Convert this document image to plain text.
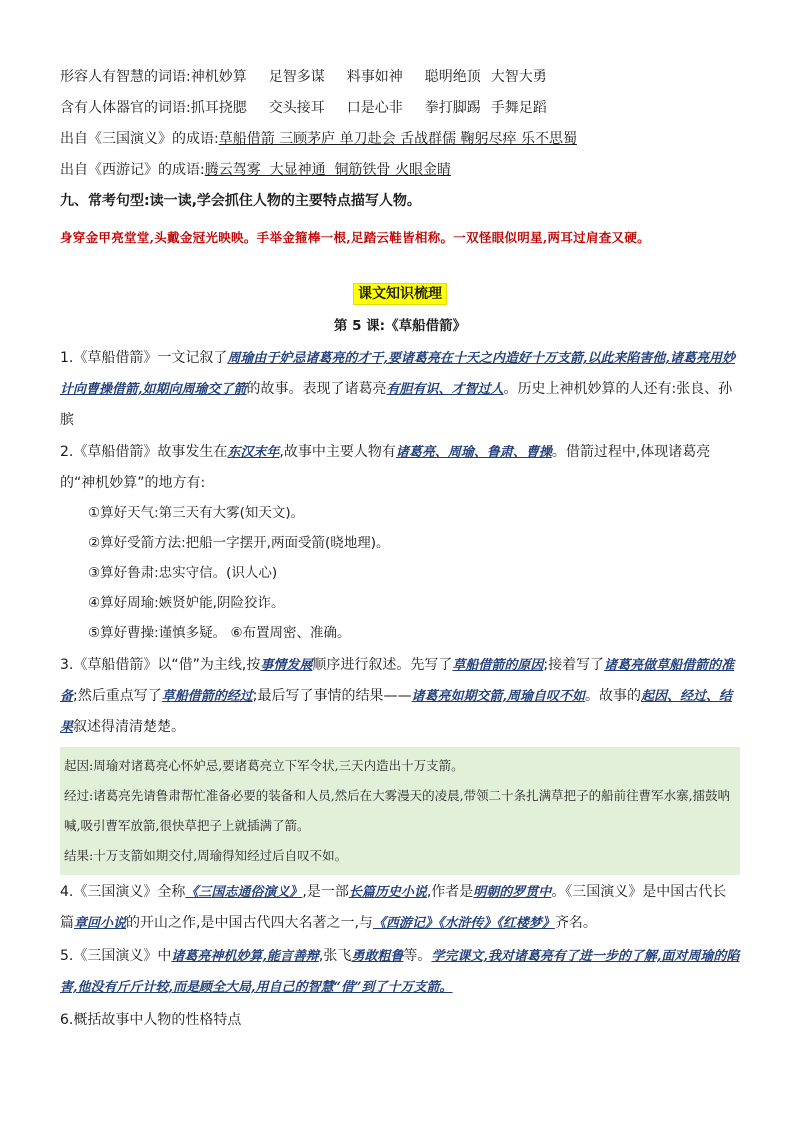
形容人有智慧的词语:神机妙算 足智多谋 料事如神 聪明绝顶 大智大勇

含有人体器官的词语:抓耳挠腮 交头接耳 口是心非 拳打脚踢 手舞足蹈

出自《三国演义》的成语:草船借箭 三顾茅庐 单刀赴会 舌战群儒 鞠躬尽瘁 乐不思蜀

出自《西游记》的成语:腾云驾雾  大显神通  铜筋铁骨 火眼金睛

九、常考句型:读一读,学会抓住人物的主要特点描写人物。

身穿金甲亮堂堂,头戴金冠光映映。手举金箍棒一根,足踏云鞋皆相称。一双怪眼似明星,两耳过肩查又硬。

课文知识梳理
第 5 课:《草船借箭》

1.《草船借箭》一文记叙了周瑜由于妒忌诸葛亮的才干,要诸葛亮在十天之内造好十万支箭,以此来陷害他,诸葛亮用妙计向曹操借箭,如期向周瑜交了箭的故事。表现了诸葛亮有胆有识、才智过人。历史上神机妙算的人还有:张良、孙膑

2.《草船借箭》故事发生在东汉末年,故事中主要人物有诸葛亮、周瑜、鲁肃、曹操。借箭过程中,体现诸葛亮的“神机妙算”的地方有:

①算好天气:第三天有大雾(知天文)。

②算好受箭方法:把船一字摆开,两面受箭(晓地理)。

③算好鲁肃:忠实守信。(识人心)

④算好周瑜:嫉贤妒能,阴险狡诈。

⑤算好曹操:谨慎多疑。 ⑥布置周密、准确。

3.《草船借箭》以“借”为主线,按事情发展顺序进行叙述。先写了草船借箭的原因;接着写了诸葛亮做草船借箭的准备;然后重点写了草船借箭的经过;最后写了事情的结果——诸葛亮如期交箭,周瑜自叹不如。故事的起因、经过、结果叙述得清清楚楚。

起因:周瑜对诸葛亮心怀妒忌,要诸葛亮立下军令状,三天内造出十万支箭。

经过:诸葛亮先请鲁肃帮忙准备必要的装备和人员,然后在大雾漫天的凌晨,带领二十条扎满草把子的船前往曹军水寨,擂鼓呐喊,吸引曹军放箭,很快草把子上就插满了箭。

结果:十万支箭如期交付,周瑜得知经过后自叹不如。

4.《三国演义》全称《三国志通俗演义》,是一部长篇历史小说,作者是明朝的罗贯中。《三国演义》是中国古代长篇章回小说的开山之作,是中国古代四大名著之一,与《西游记》《水浒传》《红楼梦》齐名。

5.《三国演义》中诸葛亮神机妙算,能言善辩,张飞勇敢粗鲁等。学完课文,我对诸葛亮有了进一步的了解,面对周瑜的陷害,他没有斤斤计较,而是顾全大局,用自己的智慧“借”到了十万支箭。

6.概括故事中人物的性格特点
